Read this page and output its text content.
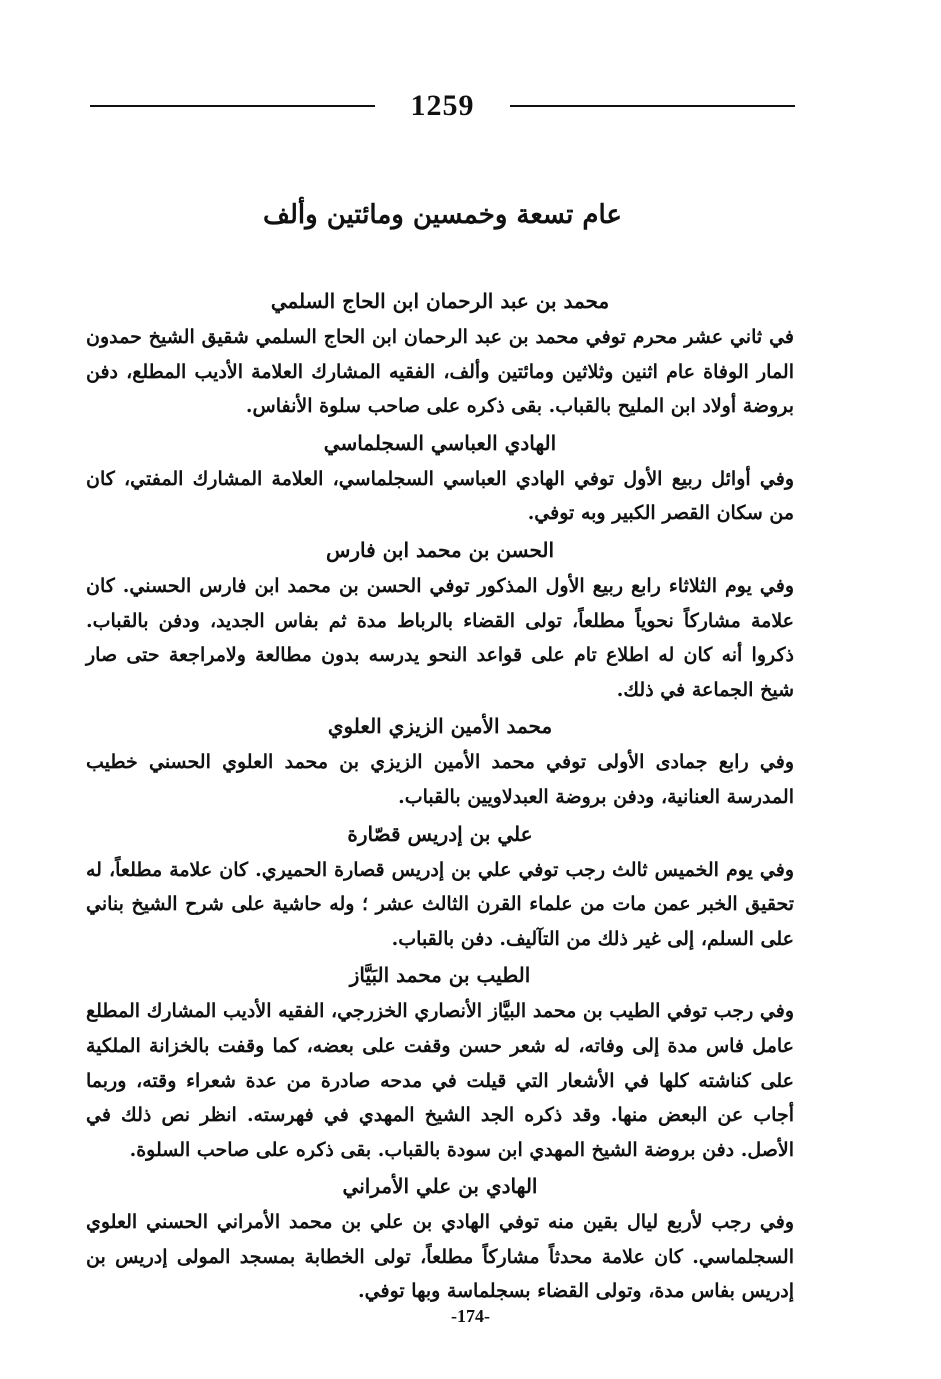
1259
عام تسعة وخمسين ومائتين وألف

محمد بن عبد الرحمان ابن الحاج السلمي

في ثاني عشر محرم توفي محمد بن عبد الرحمان ابن الحاج السلمي شقيق الشيخ حمدون المار الوفاة عام اثنين وثلاثين ومائتين وألف، الفقيه المشارك العلامة الأديب المطلع، دفن بروضة أولاد ابن المليح بالقباب. بقى ذكره على صاحب سلوة الأنفاس.

الهادي العباسي السجلماسي

وفي أوائل ربيع الأول توفي الهادي العباسي السجلماسي، العلامة المشارك المفتي، كان من سكان القصر الكبير وبه توفي.

الحسن بن محمد ابن فارس

وفي يوم الثلاثاء رابع ربيع الأول المذكور توفي الحسن بن محمد ابن فارس الحسني. كان علامة مشاركاً نحوياً مطلعاً، تولى القضاء بالرباط مدة ثم بفاس الجديد، ودفن بالقباب. ذكروا أنه كان له اطلاع تام على قواعد النحو يدرسه بدون مطالعة ولامراجعة حتى صار شيخ الجماعة في ذلك.

محمد الأمين الزيزي العلوي

وفي رابع جمادى الأولى توفي محمد الأمين الزيزي بن محمد العلوي الحسني خطيب المدرسة العنانية، ودفن بروضة العبدلاويين بالقباب.

علي بن إدريس قصّارة

وفي يوم الخميس ثالث رجب توفي علي بن إدريس قصارة الحميري. كان علامة مطلعاً، له تحقيق الخبر عمن مات من علماء القرن الثالث عشر ؛ وله حاشية على شرح الشيخ بناني على السلم، إلى غير ذلك من التآليف. دفن بالقباب.

الطيب بن محمد البَيَّاز

وفي رجب توفي الطيب بن محمد البيَّاز الأنصاري الخزرجي، الفقيه الأديب المشارك المطلع عامل فاس مدة إلى وفاته، له شعر حسن وقفت على بعضه، كما وقفت بالخزانة الملكية على كناشته كلها في الأشعار التي قيلت في مدحه صادرة من عدة شعراء وقته، وربما أجاب عن البعض منها. وقد ذكره الجد الشيخ المهدي في فهرسته. انظر نص ذلك في الأصل. دفن بروضة الشيخ المهدي ابن سودة بالقباب. بقى ذكره على صاحب السلوة.

الهادي بن علي الأمراني

وفي رجب لأربع ليال بقين منه توفي الهادي بن علي بن محمد الأمراني الحسني العلوي السجلماسي. كان علامة محدثاً مشاركاً مطلعاً، تولى الخطابة بمسجد المولى إدريس بن إدريس بفاس مدة، وتولى القضاء بسجلماسة وبها توفي.

-174-
